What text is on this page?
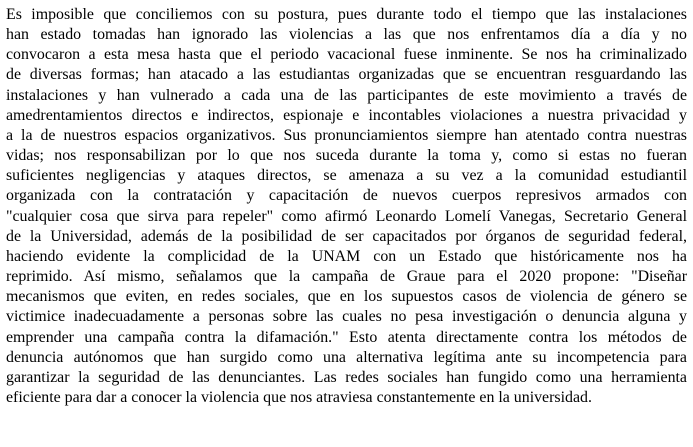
Es imposible que conciliemos con su postura, pues durante todo el tiempo que las instalaciones
han estado tomadas han ignorado las violencias a las que nos enfrentamos día a día y no
convocaron a esta mesa hasta que el periodo vacacional fuese inminente. Se nos ha criminalizado
de diversas formas; han atacado a las estudiantas organizadas que se encuentran resguardando las
instalaciones y han vulnerado a cada una de las participantes de este movimiento a través de
amedrentamientos directos e indirectos, espionaje e incontables violaciones a nuestra privacidad y
a la de nuestros espacios organizativos. Sus pronunciamientos siempre han atentado contra nuestras
vidas; nos responsabilizan por lo que nos suceda durante la toma y, como si estas no fueran
suficientes negligencias y ataques directos, se amenaza a su vez a la comunidad estudiantil
organizada con la contratación y capacitación de nuevos cuerpos represivos armados con
"cualquier cosa que sirva para repeler" como afirmó Leonardo Lomelí Vanegas, Secretario General
de la Universidad, además de la posibilidad de ser capacitados por órganos de seguridad federal,
haciendo evidente la complicidad de la UNAM con un Estado que históricamente nos ha
reprimido. Así mismo, señalamos que la campaña de Graue para el 2020 propone: "Diseñar
mecanismos que eviten, en redes sociales, que en los supuestos casos de violencia de género se
victimice inadecuadamente a personas sobre las cuales no pesa investigación o denuncia alguna y
emprender una campaña contra la difamación." Esto atenta directamente contra los métodos de
denuncia autónomos que han surgido como una alternativa legítima ante su incompetencia para
garantizar la seguridad de las denunciantes. Las redes sociales han fungido como una herramienta
eficiente para dar a conocer la violencia que nos atraviesa constantemente en la universidad.
